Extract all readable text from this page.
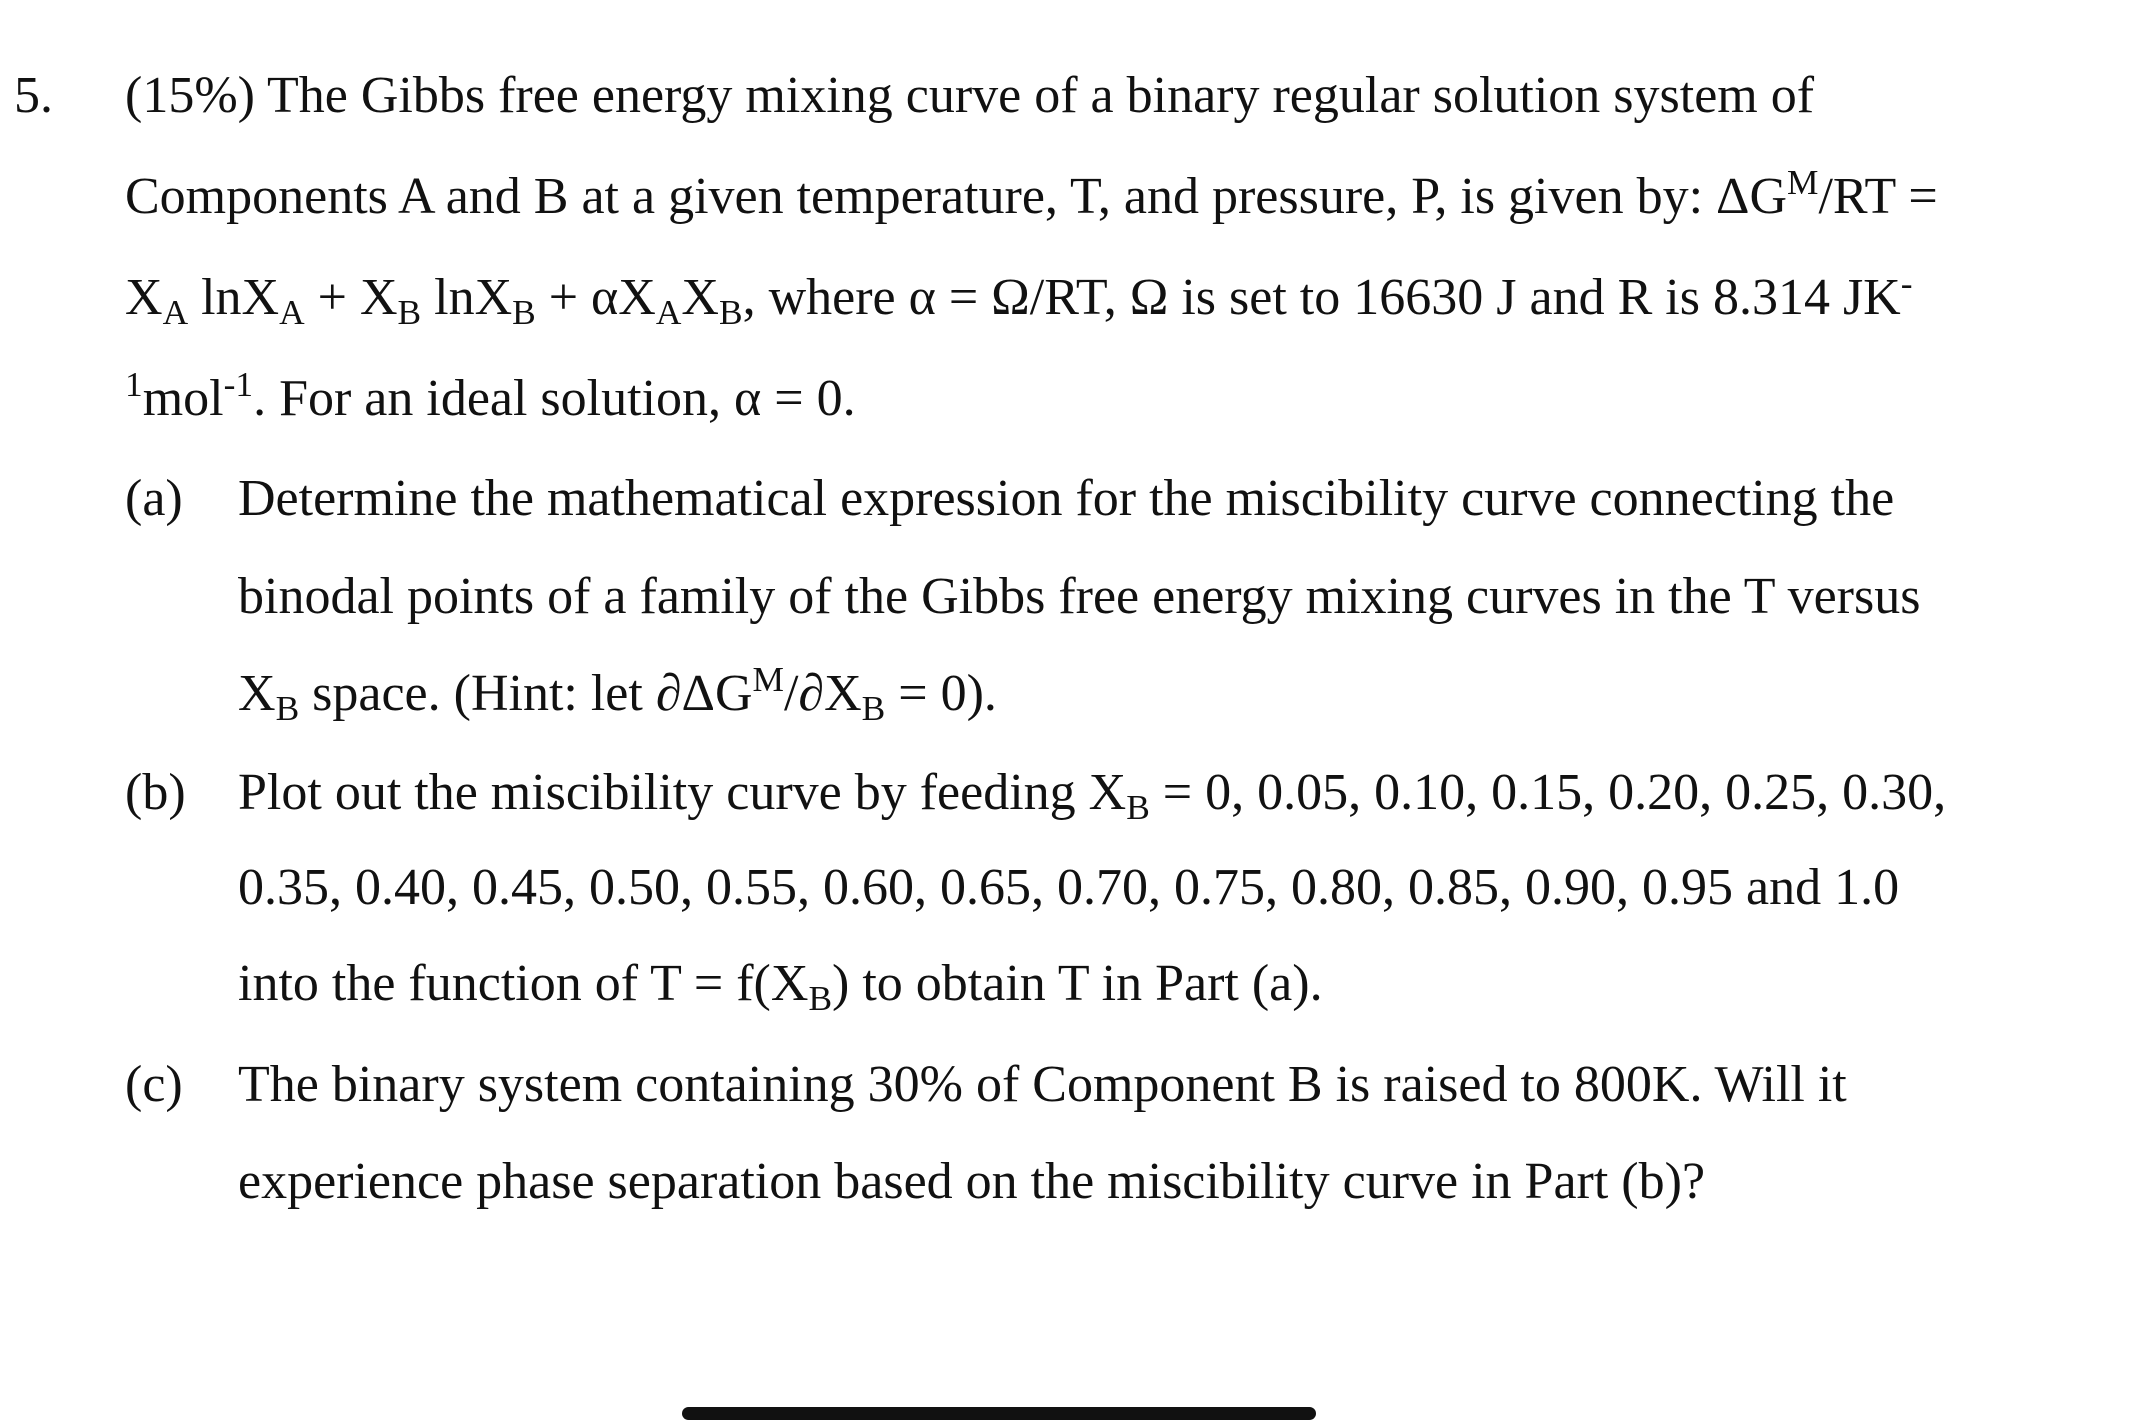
5. (15%) The Gibbs free energy mixing curve of a binary regular solution system of

Components A and B at a given temperature, T, and pressure, P, is given by: $\Delta G^M/RT$ =

$X_A$ $\ln X_A + X_B$ $\ln X_B + \alpha X_AX_B$, where α = Ω/RT, Ω is set to 16630 J and R is 8.314 JK-

$^1$mol$^{-1}$. For an ideal solution, α = 0.

(a) Determine the mathematical expression for the miscibility curve connecting the

binodal points of a family of the Gibbs free energy mixing curves in the T versus

$X_B$ space. (Hint: let $\partial\Delta G^M/\partial X_B = 0$).

(b) Plot out the miscibility curve by feeding $X_B = 0$, 0.05, 0.10, 0.15, 0.20, 0.25, 0.30,

0.35, 0.40, 0.45, 0.50, 0.55, 0.60, 0.65, 0.70, 0.75, 0.80, 0.85, 0.90, 0.95 and 1.0

into the function of $T = f(X_B)$ to obtain T in Part (a).

(c) The binary system containing 30% of Component B is raised to 800K. Will it

experience phase separation based on the miscibility curve in Part (b)?
